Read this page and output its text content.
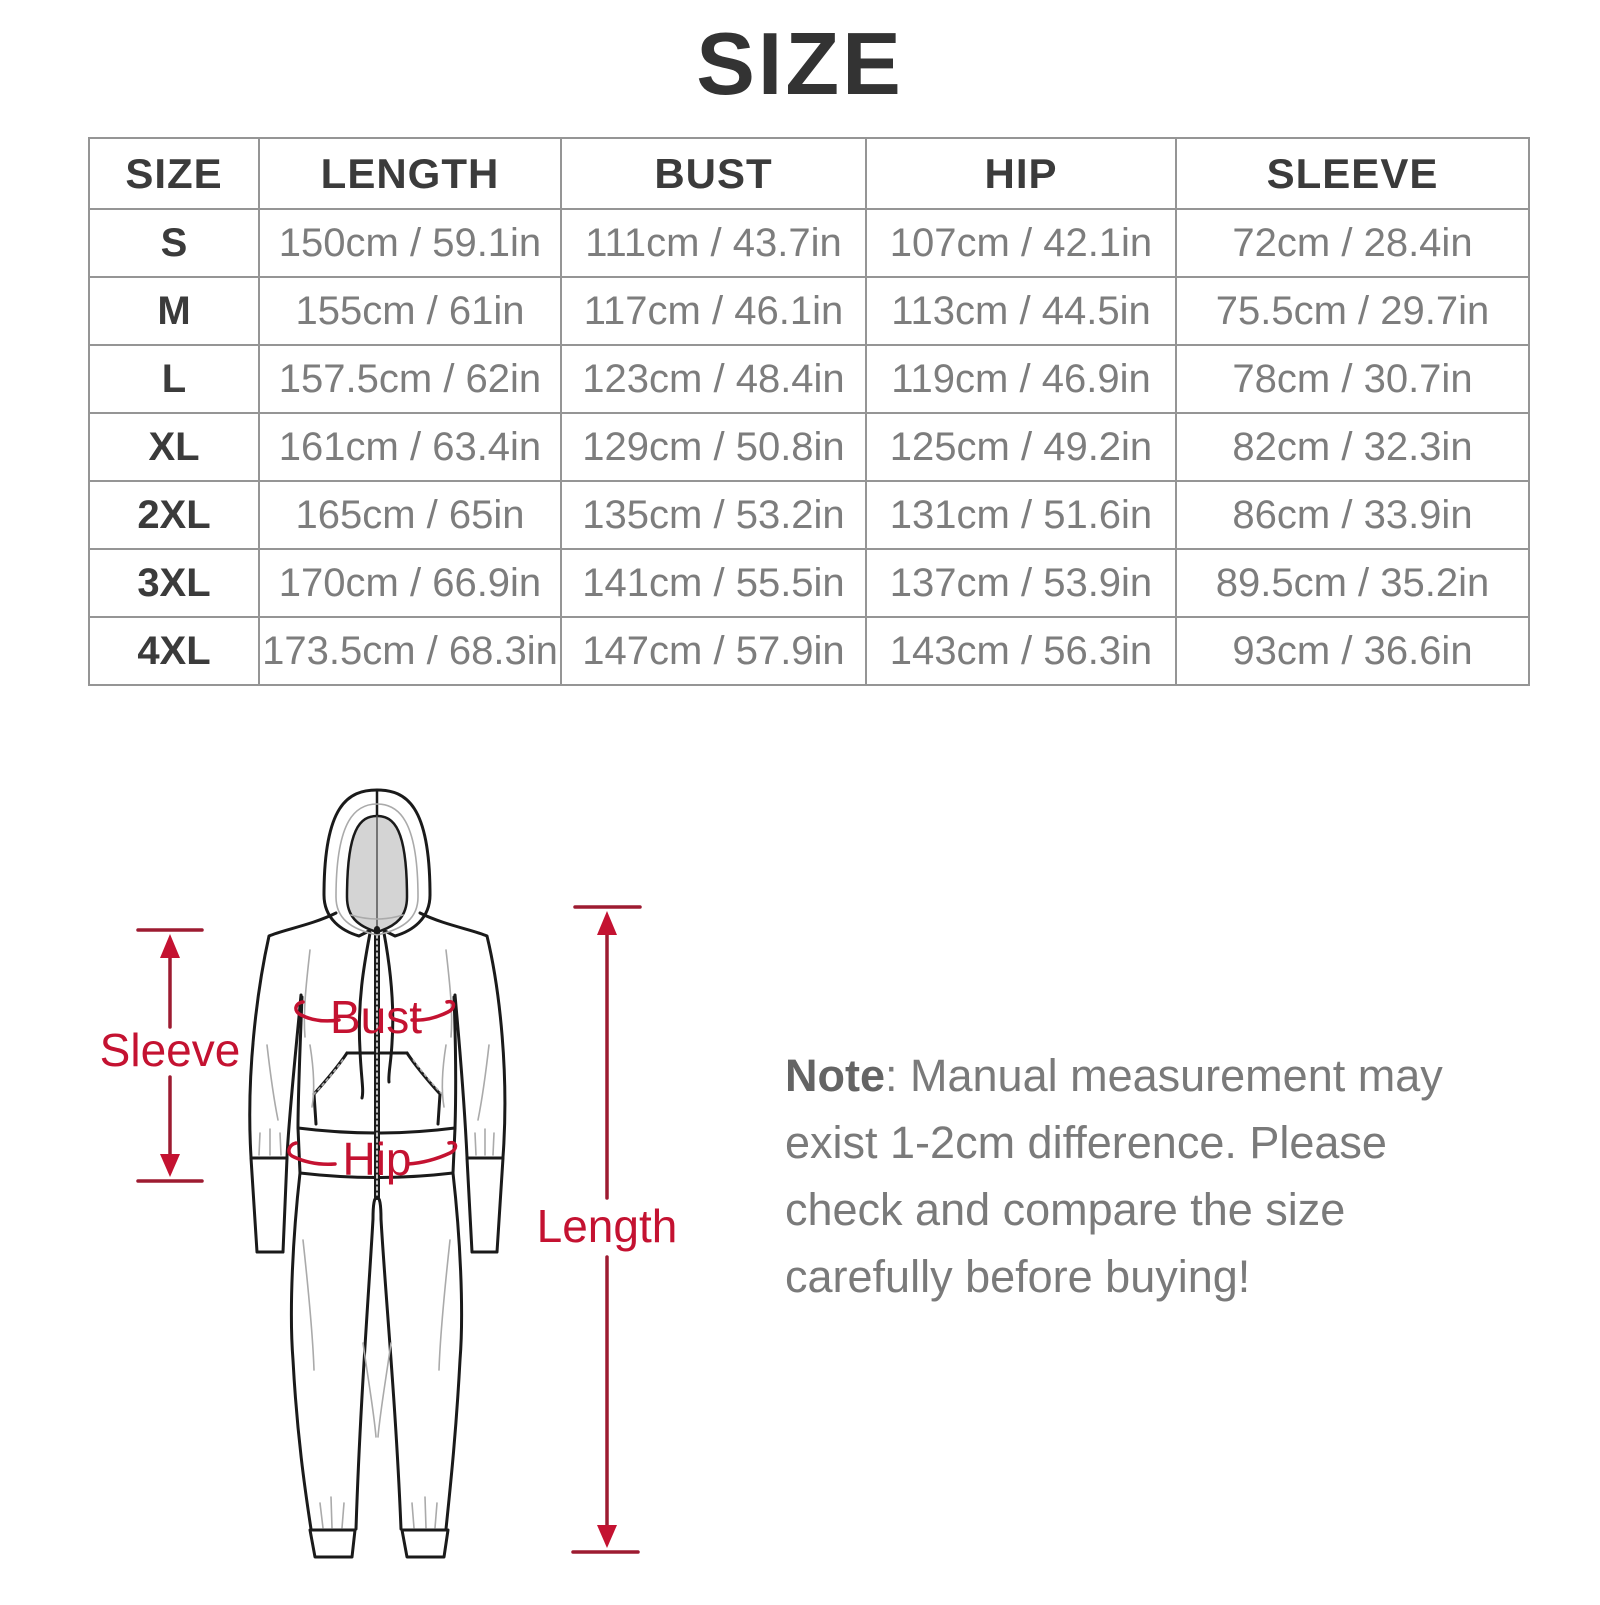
SIZE
SIZE	LENGTH	BUST	HIP	SLEEVE
S	150cm / 59.1in	111cm / 43.7in	107cm / 42.1in	72cm / 28.4in
M	155cm / 61in	117cm / 46.1in	113cm / 44.5in	75.5cm / 29.7in
L	157.5cm / 62in	123cm / 48.4in	119cm / 46.9in	78cm / 30.7in
XL	161cm / 63.4in	129cm / 50.8in	125cm / 49.2in	82cm / 32.3in
2XL	165cm / 65in	135cm / 53.2in	131cm / 51.6in	86cm / 33.9in
3XL	170cm / 66.9in	141cm / 55.5in	137cm / 53.9in	89.5cm / 35.2in
4XL	173.5cm / 68.3in	147cm / 57.9in	143cm / 56.3in	93cm / 36.6in
Sleeve
Length
Bust
Hip
Note: Manual measurement may
exist 1-2cm difference. Please
check and compare the size
carefully before buying!
